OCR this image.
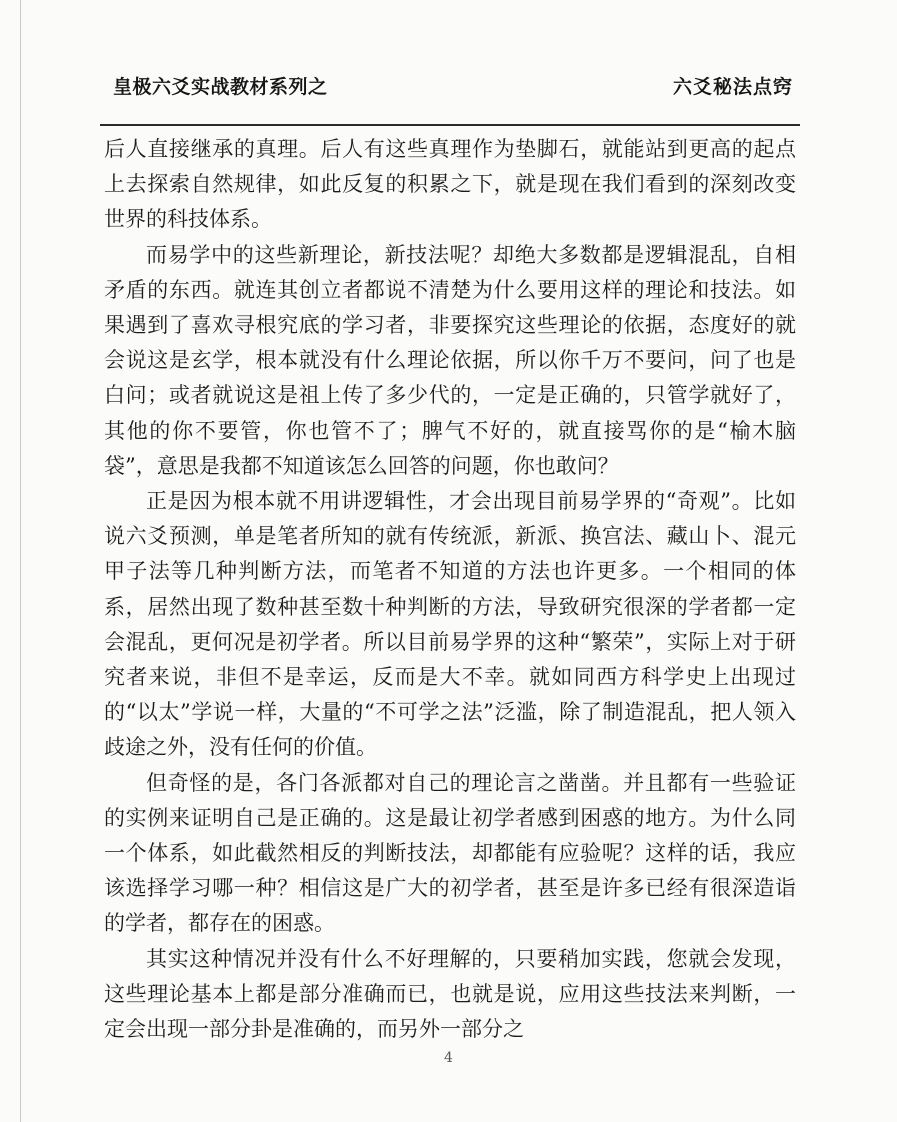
皇极六爻实战教材系列之	六爻秘法点窍

后人直接继承的真理。后人有这些真理作为垫脚石，就能站到更高的起点上去探索自然规律，如此反复的积累之下，就是现在我们看到的深刻改变世界的科技体系。

而易学中的这些新理论，新技法呢？却绝大多数都是逻辑混乱，自相矛盾的东西。就连其创立者都说不清楚为什么要用这样的理论和技法。如果遇到了喜欢寻根究底的学习者，非要探究这些理论的依据，态度好的就会说这是玄学，根本就没有什么理论依据，所以你千万不要问，问了也是白问；或者就说这是祖上传了多少代的，一定是正确的，只管学就好了，其他的你不要管，你也管不了；脾气不好的，就直接骂你的是“榆木脑袋”，意思是我都不知道该怎么回答的问题，你也敢问？

正是因为根本就不用讲逻辑性，才会出现目前易学界的“奇观”。比如说六爻预测，单是笔者所知的就有传统派，新派、换宫法、藏山卜、混元甲子法等几种判断方法，而笔者不知道的方法也许更多。一个相同的体系，居然出现了数种甚至数十种判断的方法，导致研究很深的学者都一定会混乱，更何况是初学者。所以目前易学界的这种“繁荣”，实际上对于研究者来说，非但不是幸运，反而是大不幸。就如同西方科学史上出现过的“以太”学说一样，大量的“不可学之法”泛滥，除了制造混乱，把人领入歧途之外，没有任何的价值。

但奇怪的是，各门各派都对自己的理论言之凿凿。并且都有一些验证的实例来证明自己是正确的。这是最让初学者感到困惑的地方。为什么同一个体系，如此截然相反的判断技法，却都能有应验呢？这样的话，我应该选择学习哪一种？相信这是广大的初学者，甚至是许多已经有很深造诣的学者，都存在的困惑。

其实这种情况并没有什么不好理解的，只要稍加实践，您就会发现，这些理论基本上都是部分准确而已，也就是说，应用这些技法来判断，一定会出现一部分卦是准确的，而另外一部分之

4
